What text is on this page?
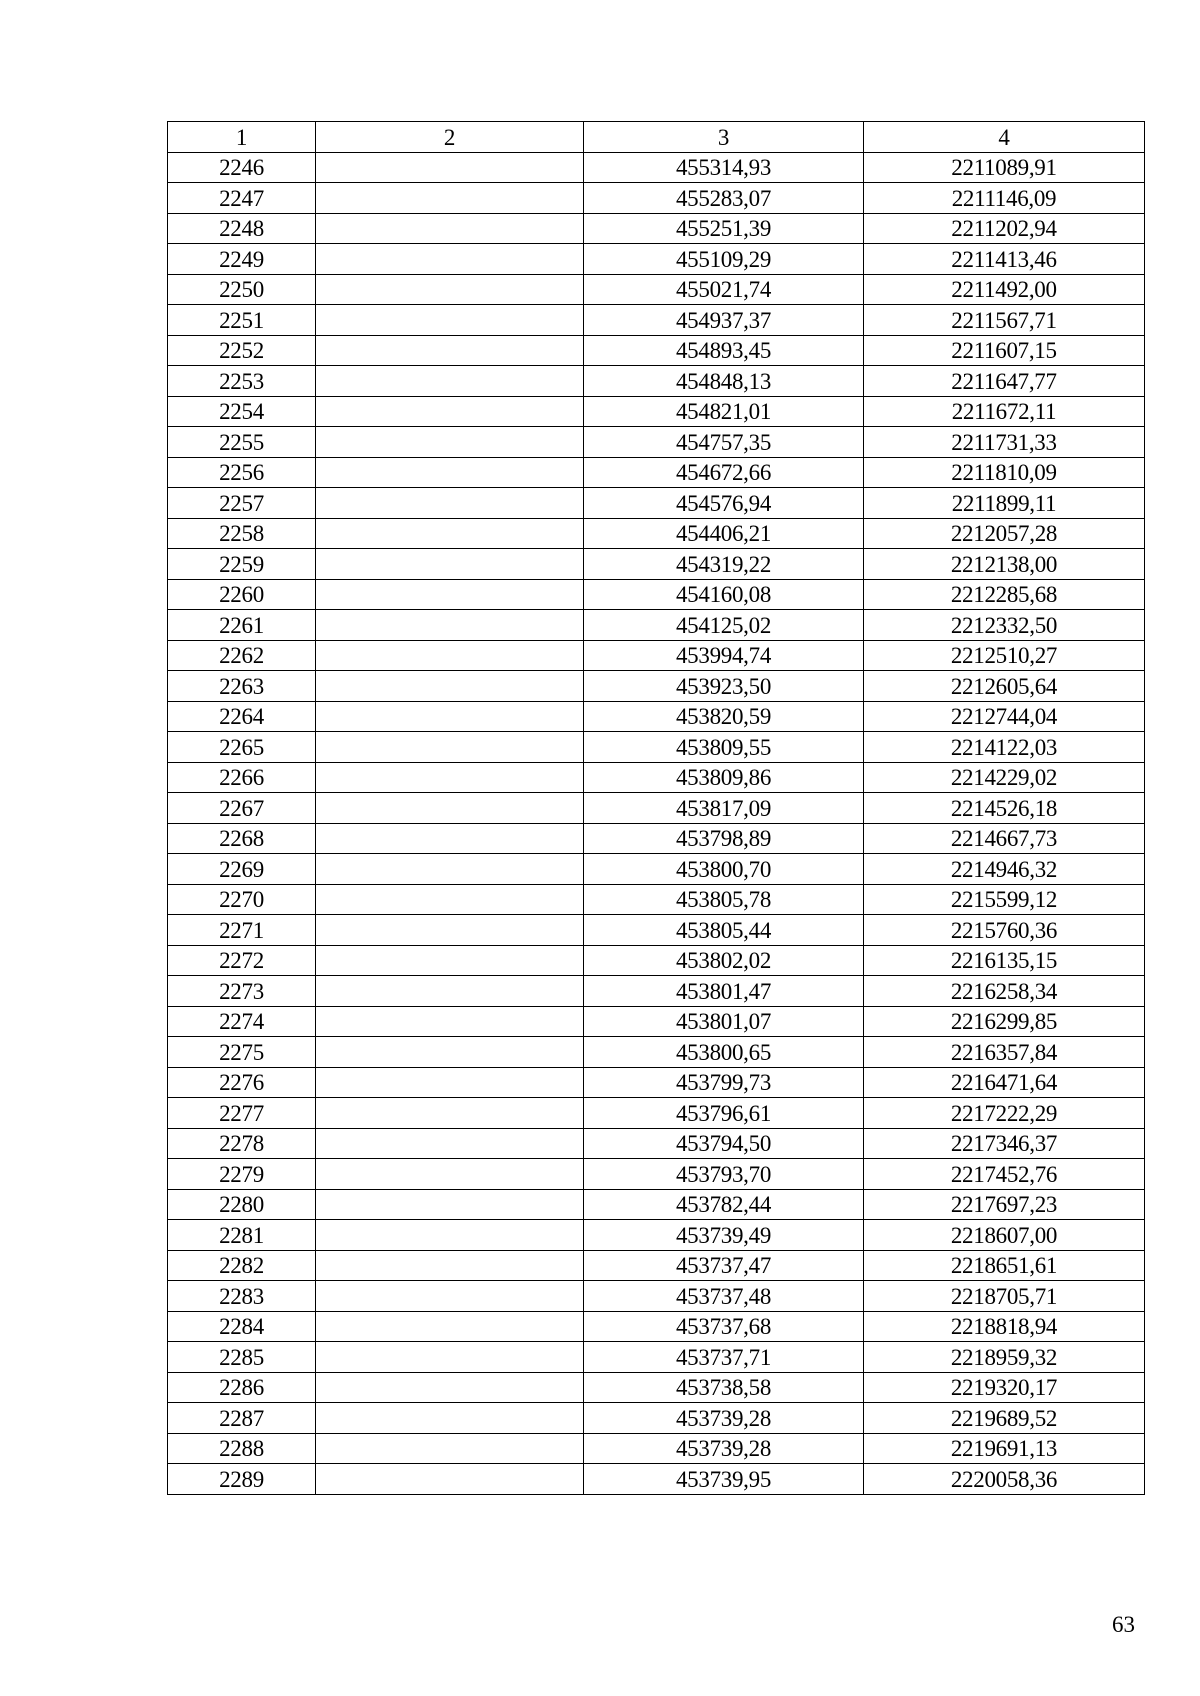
1	2	3	4
2246		455314,93	2211089,91
2247		455283,07	2211146,09
2248		455251,39	2211202,94
2249		455109,29	2211413,46
2250		455021,74	2211492,00
2251		454937,37	2211567,71
2252		454893,45	2211607,15
2253		454848,13	2211647,77
2254		454821,01	2211672,11
2255		454757,35	2211731,33
2256		454672,66	2211810,09
2257		454576,94	2211899,11
2258		454406,21	2212057,28
2259		454319,22	2212138,00
2260		454160,08	2212285,68
2261		454125,02	2212332,50
2262		453994,74	2212510,27
2263		453923,50	2212605,64
2264		453820,59	2212744,04
2265		453809,55	2214122,03
2266		453809,86	2214229,02
2267		453817,09	2214526,18
2268		453798,89	2214667,73
2269		453800,70	2214946,32
2270		453805,78	2215599,12
2271		453805,44	2215760,36
2272		453802,02	2216135,15
2273		453801,47	2216258,34
2274		453801,07	2216299,85
2275		453800,65	2216357,84
2276		453799,73	2216471,64
2277		453796,61	2217222,29
2278		453794,50	2217346,37
2279		453793,70	2217452,76
2280		453782,44	2217697,23
2281		453739,49	2218607,00
2282		453737,47	2218651,61
2283		453737,48	2218705,71
2284		453737,68	2218818,94
2285		453737,71	2218959,32
2286		453738,58	2219320,17
2287		453739,28	2219689,52
2288		453739,28	2219691,13
2289		453739,95	2220058,36
63
